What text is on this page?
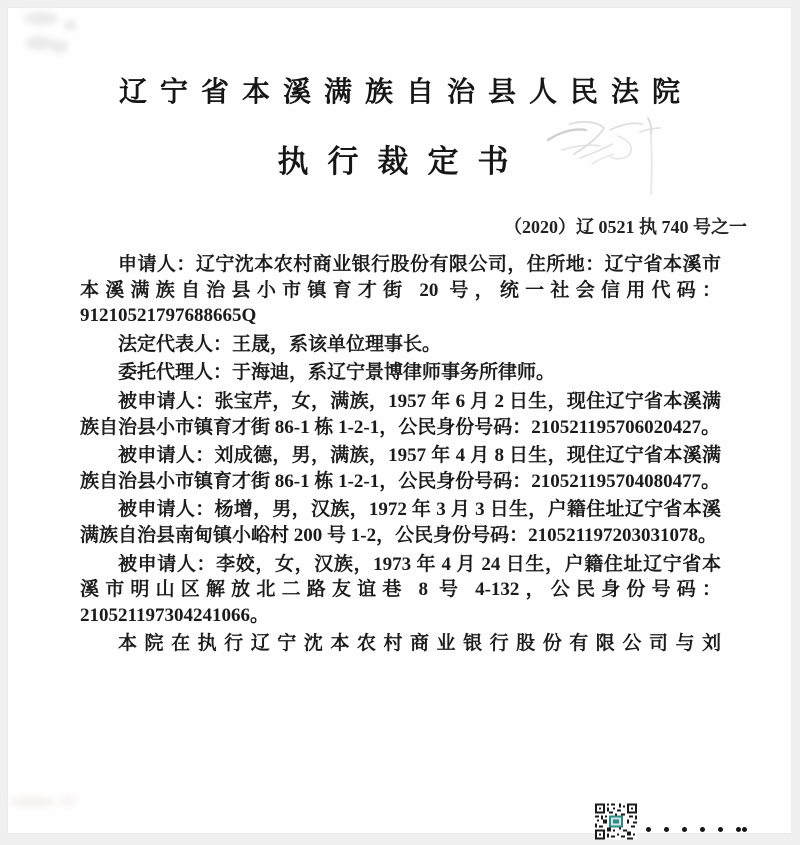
辽宁省本溪满族自治县人民法院
执行裁定书
（2020）辽 0521 执 740 号之一

申请人：辽宁沈本农村商业银行股份有限公司，住所地：辽宁省本溪市本溪满族自治县小市镇育才街 20 号，统一社会信用代码：91210521797688665Q

法定代表人：王晟，系该单位理事长。

委托代理人：于海迪，系辽宁景博律师事务所律师。

被申请人：张宝芹，女，满族，1957 年 6 月 2 日生，现住辽宁省本溪满族自治县小市镇育才街 86-1 栋 1-2-1，公民身份号码：210521195706020427。

被申请人：刘成德，男，满族，1957 年 4 月 8 日生，现住辽宁省本溪满族自治县小市镇育才街 86-1 栋 1-2-1，公民身份号码：210521195704080477。

被申请人：杨增，男，汉族，1972 年 3 月 3 日生，户籍住址辽宁省本溪满族自治县南甸镇小峪村 200 号 1-2，公民身份号码：210521197203031078。

被申请人：李姣，女，汉族，1973 年 4 月 24 日生，户籍住址辽宁省本溪市明山区解放北二路友谊巷 8 号 4-132，公民身份号码：210521197304241066。

本院在执行辽宁沈本农村商业银行股份有限公司与刘
